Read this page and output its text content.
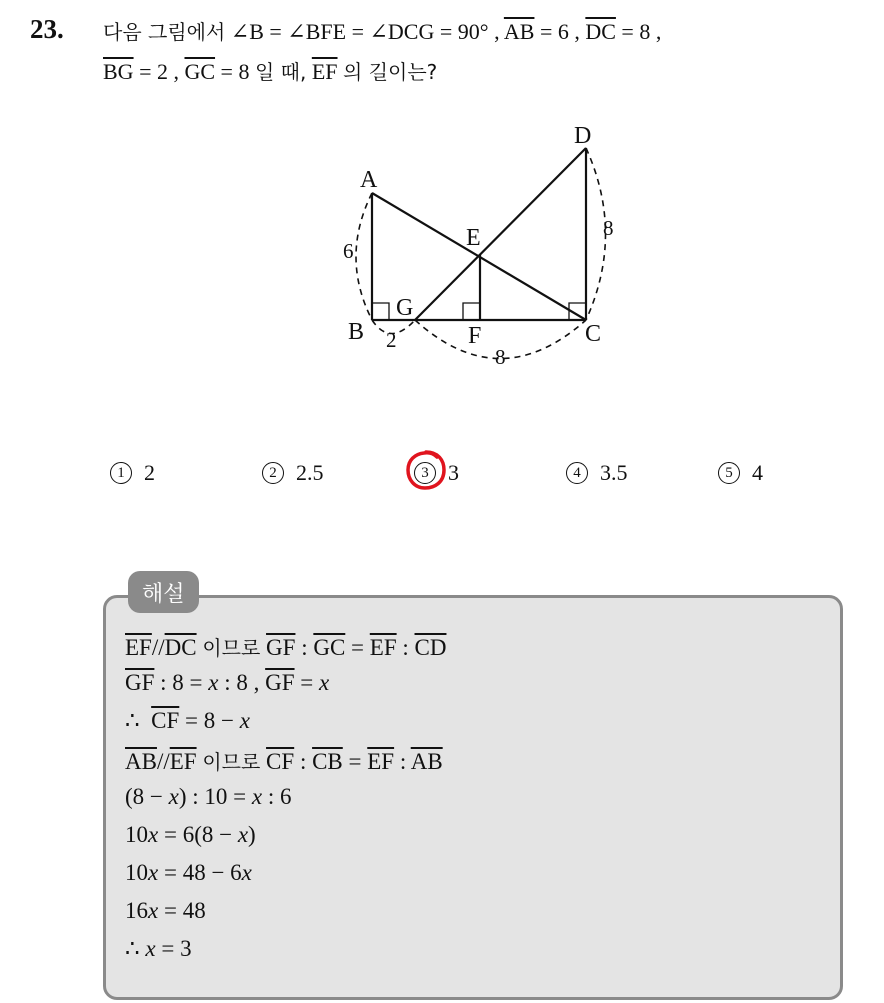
23. 다음 그림에서 ∠B = ∠BFE = ∠DCG = 90° , $\overline{AB} = 6$ , $\overline{DC} = 8$ ,
$\overline{BG} = 2$ , $\overline{GC} = 8$ 일 때, $\overline{EF}$ 의 길이는?
A
B	C
D
E
F
G
6
8
2
8
1 2	2 2.5	3 3	4 3.5	5 4
해설
$\overline{EF}//\overline{DC}$ 이므로 $\overline{GF}$ : $\overline{GC} = \overline{EF}$ : $\overline{CD}$
$\overline{GF}$ : 8 = x : 8 , $\overline{GF} = x$
∴ $\overline{CF} = 8 - x$
$\overline{AB}//\overline{EF}$ 이므로 $\overline{CF}$ : $\overline{CB} = \overline{EF}$ : $\overline{AB}$
(8 − x) : 10 = x : 6
10x = 6(8 − x)
10x = 48 − 6x
16x = 48
∴ x = 3
